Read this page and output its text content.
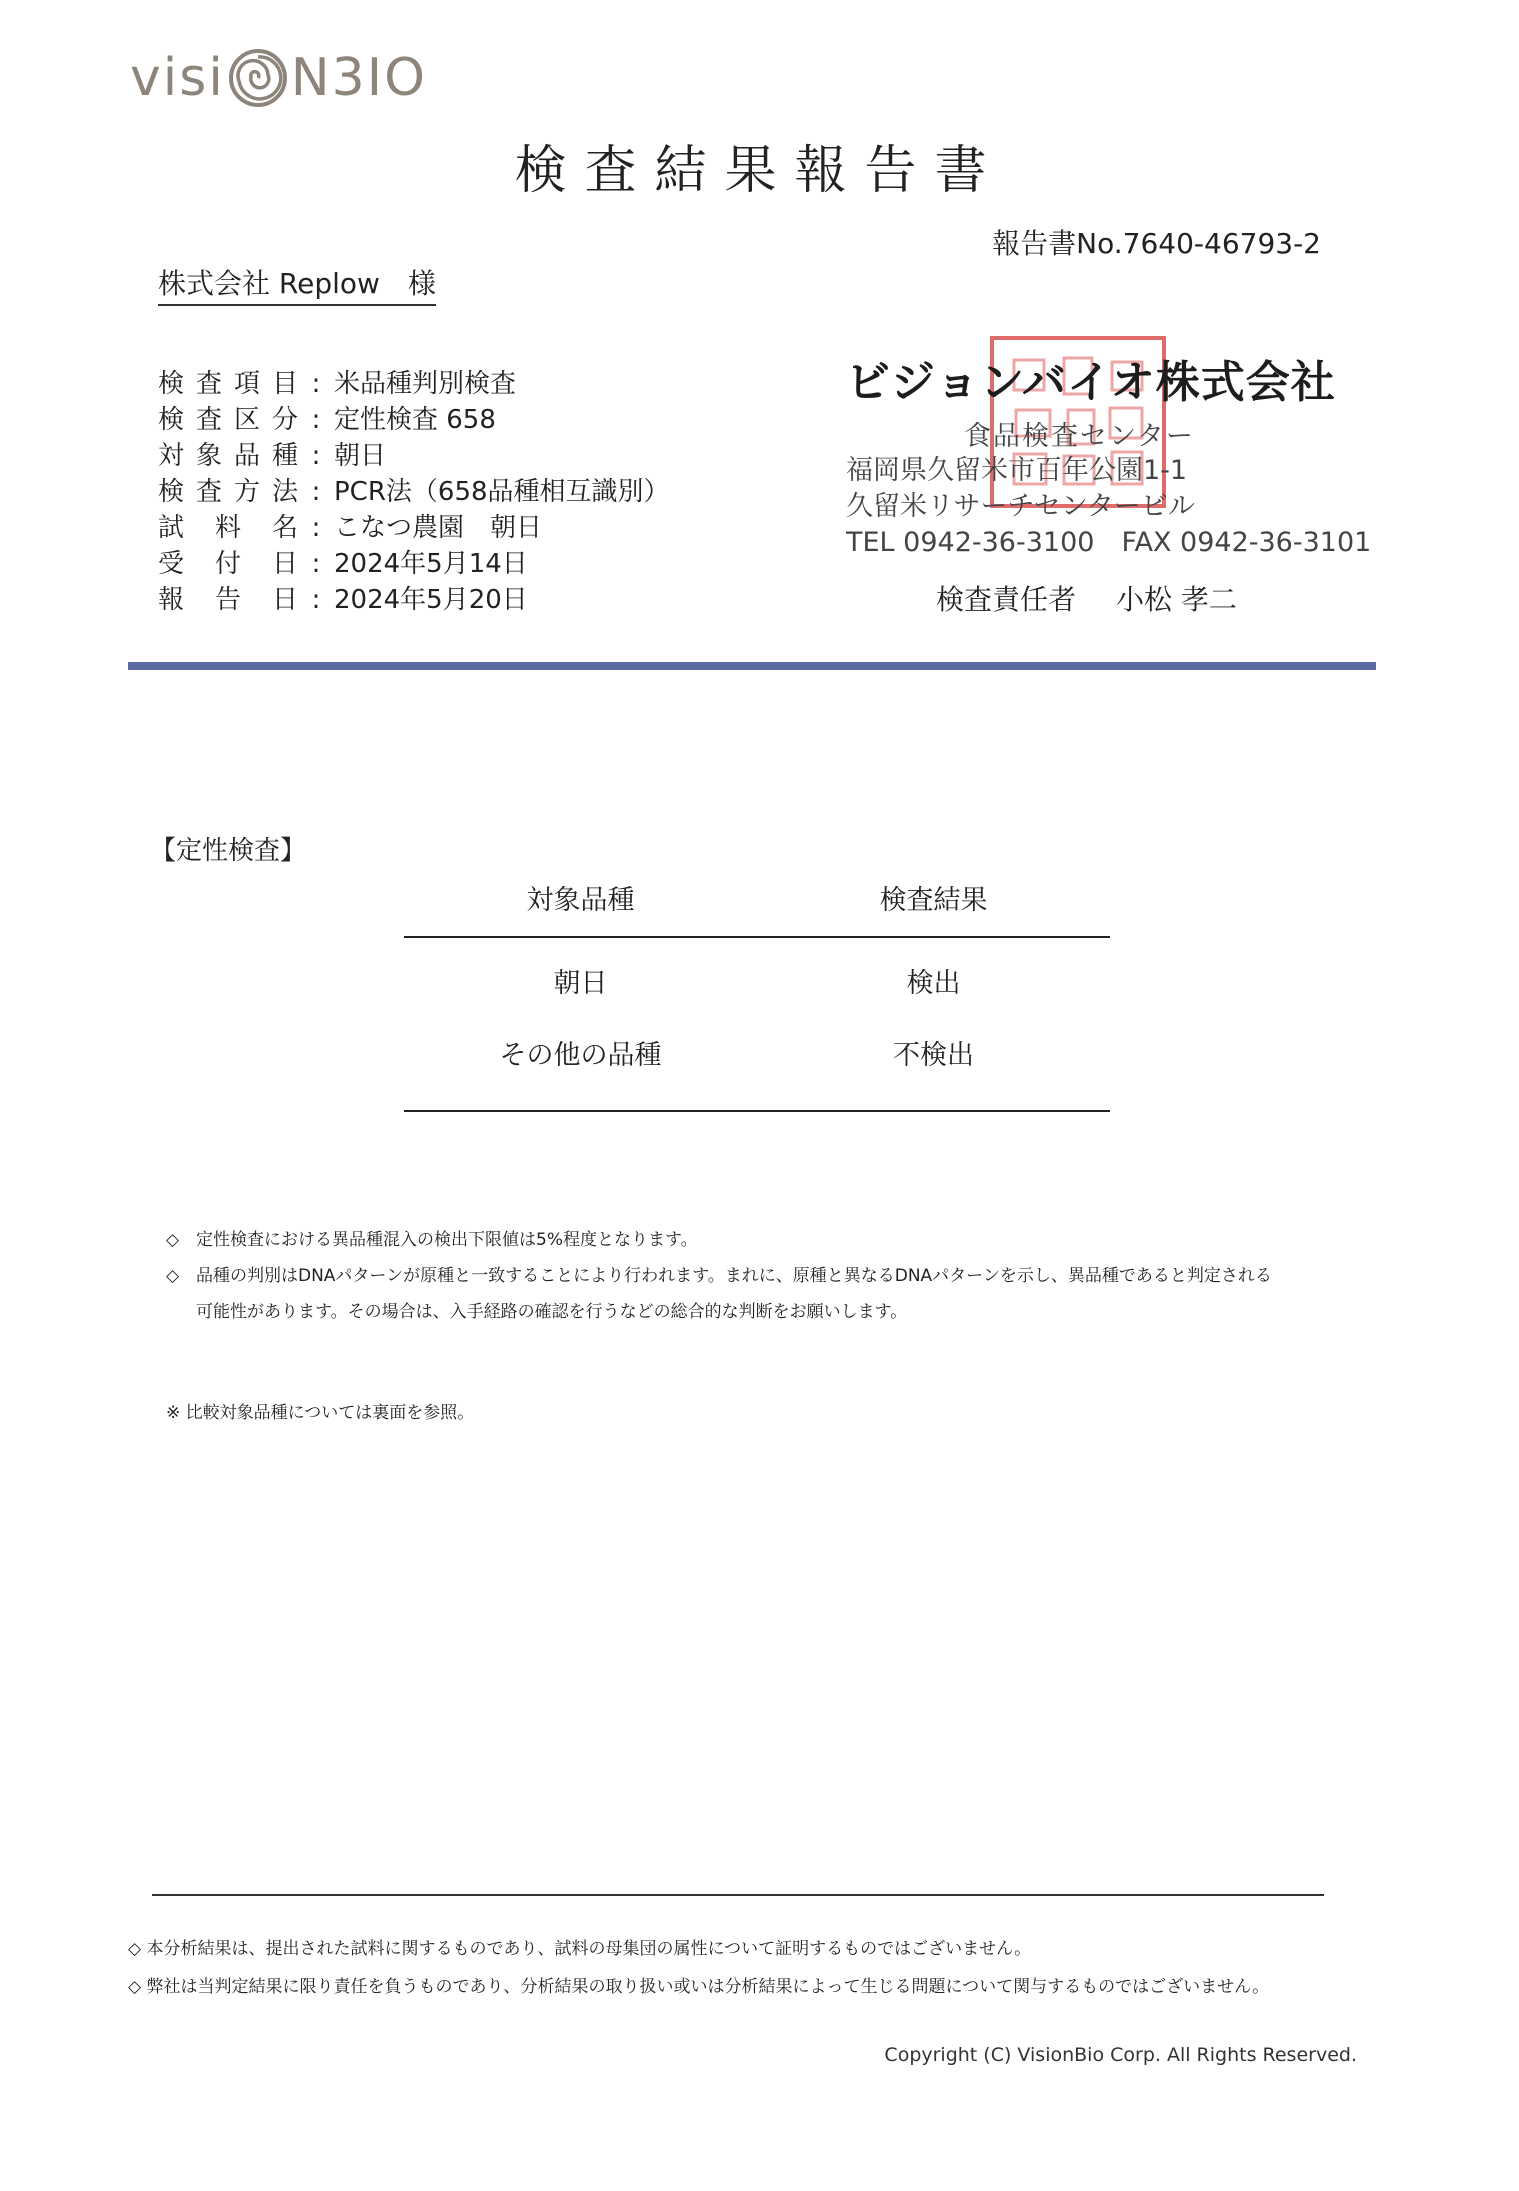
visi N3IO
検査結果報告書
報告書No.7640-46793-2
株式会社 Replow　様
検 査 項 目 : 米品種判別検査
検 査 区 分 : 定性検査 658
対 象 品 種 : 朝日
検 査 方 法 : PCR法（658品種相互識別）
試 料 名 : こなつ農園　朝日
受 付 日 : 2024年5月14日
報 告 日 : 2024年5月20日
ビジョンバイオ株式会社
食品検査センター
福岡県久留米市百年公園1-1
久留米リサーチセンタービル
TEL 0942-36-3100　FAX 0942-36-3101
検査責任者 小松 孝二
【定性検査】
対象品種	検査結果
朝日	検出
その他の品種	不検出
◇ 定性検査における異品種混入の検出下限値は5%程度となります。
◇ 品種の判別はDNAパターンが原種と一致することにより行われます。まれに、原種と異なるDNAパターンを示し、異品種であると判定される
可能性があります。その場合は、入手経路の確認を行うなどの総合的な判断をお願いします。
※ 比較対象品種については裏面を参照。
◇ 本分析結果は、提出された試料に関するものであり、試料の母集団の属性について証明するものではございません。
◇ 弊社は当判定結果に限り責任を負うものであり、分析結果の取り扱い或いは分析結果によって生じる問題について関与するものではございません。
Copyright (C) VisionBio Corp. All Rights Reserved.
